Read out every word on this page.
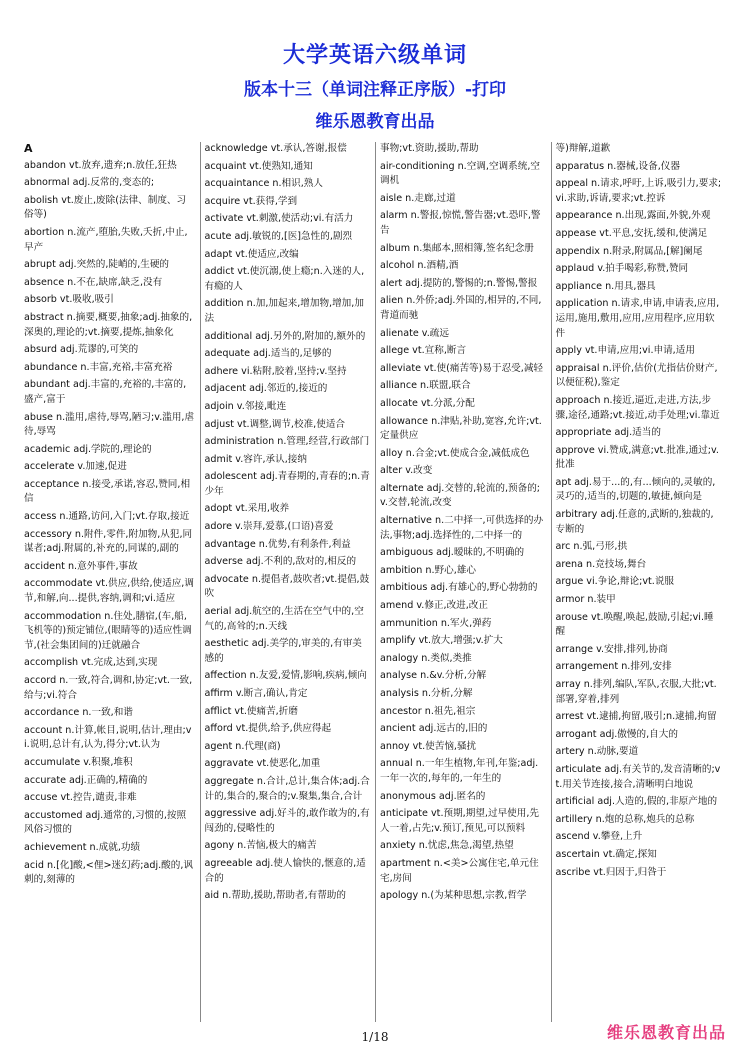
大学英语六级单词
版本十三（单词注释正序版）-打印
维乐恩教育出品

A

abandon vt.放弃,遗弃;n.放任,狂热

abnormal adj.反常的,变态的;

abolish vt.废止,废除(法律、制度、习俗等)

abortion n.流产,堕胎,失败,夭折,中止,早产

abrupt adj.突然的,陡峭的,生硬的

absence n.不在,缺席,缺乏,没有

absorb vt.吸收,吸引

abstract n.摘要,概要,抽象;adj.抽象的,深奥的,理论的;vt.摘要,提炼,抽象化

absurd adj.荒谬的,可笑的

abundance n.丰富,充裕,丰富充裕

abundant adj.丰富的,充裕的,丰富的,盛产,富于

abuse n.滥用,虐待,辱骂,陋习;v.滥用,虐待,辱骂

academic adj.学院的,理论的

accelerate v.加速,促进

acceptance n.接受,承诺,容忍,赞同,相信

access n.通路,访问,入门;vt.存取,接近

accessory n.附件,零件,附加物,从犯,同谋者;adj.附属的,补充的,同谋的,副的

accident n.意外事件,事故

accommodate vt.供应,供给,使适应,调节,和解,向...提供,容纳,调和;vi.适应

accommodation n.住处,膳宿,(车,船,飞机等的)预定铺位,(眼睛等的)适应性调节,(社会集团间的)迁就融合

accomplish vt.完成,达到,实现

accord n.一致,符合,调和,协定;vt.一致,给与;vi.符合

accordance n.一致,和谐

account n.计算,帐目,说明,估计,理由;vi.说明,总计有,认为,得分;vt.认为

accumulate v.积聚,堆积

accurate adj.正确的,精确的

accuse vt.控告,谴责,非难

accustomed adj.通常的,习惯的,按照风俗习惯的

achievement n.成就,功绩

acid n.[化]酸,<俚>迷幻药;adj.酸的,讽刺的,刻薄的

acknowledge vt.承认,答谢,报偿

acquaint vt.使熟知,通知

acquaintance n.相识,熟人

acquire vt.获得,学到

activate vt.刺激,使活动;vi.有活力

acute adj.敏锐的,[医]急性的,剧烈

adapt vt.使适应,改编

addict vt.使沉溺,使上瘾;n.入迷的人,有瘾的人

addition n.加,加起来,增加物,增加,加法

additional adj.另外的,附加的,额外的

adequate adj.适当的,足够的

adhere vi.粘附,胶着,坚持;v.坚持

adjacent adj.邻近的,接近的

adjoin v.邻接,毗连

adjust vt.调整,调节,校准,使适合

administration n.管理,经营,行政部门

admit v.容许,承认,接纳

adolescent adj.青春期的,青春的;n.青少年

adopt vt.采用,收养

adore v.崇拜,爱慕,(口语)喜爱

advantage n.优势,有利条件,利益

adverse adj.不利的,敌对的,相反的

advocate n.提倡者,鼓吹者;vt.提倡,鼓吹

aerial adj.航空的,生活在空气中的,空气的,高耸的;n.天线

aesthetic adj.美学的,审美的,有审美感的

affection n.友爱,爱情,影响,疾病,倾向

affirm v.断言,确认,肯定

afflict vt.使痛苦,折磨

afford vt.提供,给予,供应得起

agent n.代理(商)

aggravate vt.使恶化,加重

aggregate n.合计,总计,集合体;adj.合计的,集合的,聚合的;v.聚集,集合,合计

aggressive adj.好斗的,敢作敢为的,有闯劲的,侵略性的

agony n.苦恼,极大的痛苦

agreeable adj.使人愉快的,惬意的,适合的

aid n.帮助,援助,帮助者,有帮助的

事物;vt.资助,援助,帮助

air-conditioning n.空调,空调系统,空调机

aisle n.走廊,过道

alarm n.警报,惊慌,警告器;vt.恐吓,警告

album n.集邮本,照相簿,签名纪念册

alcohol n.酒精,酒

alert adj.提防的,警惕的;n.警惕,警报

alien n.外侨;adj.外国的,相异的,不同,背道而驰

alienate v.疏远

allege vt.宣称,断言

alleviate vt.使(痛苦等)易于忍受,减轻

alliance n.联盟,联合

allocate vt.分派,分配

allowance n.津贴,补助,宽容,允许;vt.定量供应

alloy n.合金;vt.使成合金,减低成色

alter v.改变

alternate adj.交替的,轮流的,预备的;v.交替,轮流,改变

alternative n.二中择一,可供选择的办法,事物;adj.选择性的,二中择一的

ambiguous adj.暧昧的,不明确的

ambition n.野心,雄心

ambitious adj.有雄心的,野心勃勃的

amend v.修正,改进,改正

ammunition n.军火,弹药

amplify vt.放大,增强;v.扩大

analogy n.类似,类推

analyse n.&v.分析,分解

analysis n.分析,分解

ancestor n.祖先,祖宗

ancient adj.远古的,旧的

annoy vt.使苦恼,骚扰

annual n.一年生植物,年刊,年鉴;adj.一年一次的,每年的,一年生的

anonymous adj.匿名的

anticipate vt.预期,期望,过早使用,先人一着,占先;v.预订,预见,可以预料

anxiety n.忧虑,焦急,渴望,热望

apartment n.<美>公寓住宅,单元住宅,房间

apology n.(为某种思想,宗教,哲学

等)辩解,道歉

apparatus n.器械,设备,仪器

appeal n.请求,呼吁,上诉,吸引力,要求;vi.求助,诉请,要求;vt.控诉

appearance n.出现,露面,外貌,外观

appease vt.平息,安抚,缓和,使满足

appendix n.附录,附属品,[解]阑尾

applaud v.拍手喝彩,称赞,赞同

appliance n.用具,器具

application n.请求,申请,申请表,应用,运用,施用,敷用,应用,应用程序,应用软件

apply vt.申请,应用;vi.申请,适用

appraisal n.评价,估价(尤指估价财产,以便征税),鉴定

approach n.接近,逼近,走进,方法,步骤,途径,通路;vt.接近,动手处理;vi.靠近

appropriate adj.适当的

approve vi.赞成,满意;vt.批准,通过;v.批准

apt adj.易于...的,有...倾向的,灵敏的,灵巧的,适当的,切题的,敏捷,倾向是

arbitrary adj.任意的,武断的,独裁的,专断的

arc n.弧,弓形,拱

arena n.竞技场,舞台

argue vi.争论,辩论;vt.说服

armor n.装甲

arouse vt.唤醒,唤起,鼓励,引起;vi.睡醒

arrange v.安排,排列,协商

arrangement n.排列,安排

array n.排列,编队,军队,衣服,大批;vt.部署,穿着,排列

arrest vt.逮捕,拘留,吸引;n.逮捕,拘留

arrogant adj.傲慢的,自大的

artery n.动脉,要道

articulate adj.有关节的,发音清晰的;vt.用关节连接,接合,清晰明白地说

artificial adj.人造的,假的,非原产地的

artillery n.炮的总称,炮兵的总称

ascend v.攀登,上升

ascertain vt.确定,探知

ascribe vt.归因于,归咎于

1/18	维乐恩教育出品
